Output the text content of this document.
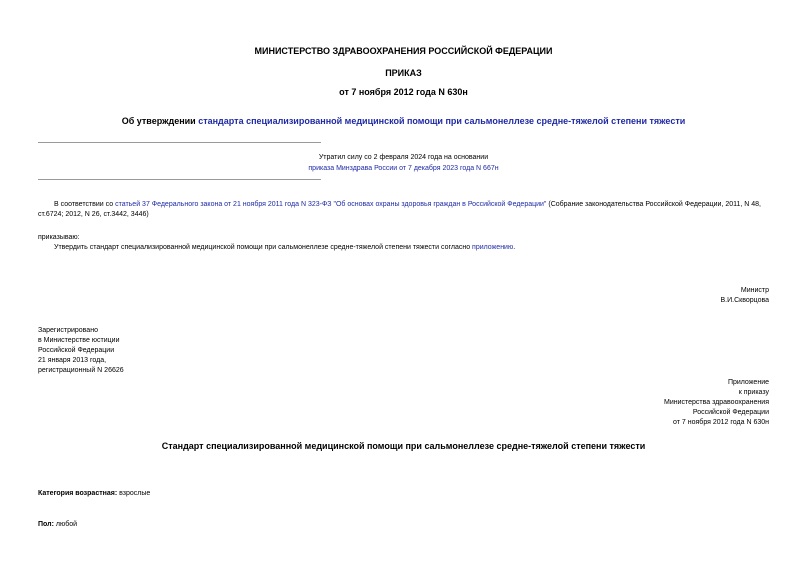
МИНИСТЕРСТВО ЗДРАВООХРАНЕНИЯ РОССИЙСКОЙ ФЕДЕРАЦИИ
ПРИКАЗ
от 7 ноября 2012 года N 630н
Об утверждении стандарта специализированной медицинской помощи при сальмонеллезе средне-тяжелой степени тяжести
Утратил силу со 2 февраля 2024 года на основании
приказа Минздрава России от 7 декабря 2023 года N 667н
В соответствии со статьей 37 Федерального закона от 21 ноября 2011 года N 323-ФЗ "Об основах охраны здоровья граждан в Российской Федерации" (Собрание законодательства Российской Федерации, 2011, N 48, ст.6724; 2012, N 26, ст.3442, 3446)
приказываю:
Утвердить стандарт специализированной медицинской помощи при сальмонеллезе средне-тяжелой степени тяжести согласно приложению.
Министр
В.И.Скворцова

Зарегистрировано

в Министерстве юстиции

Российской Федерации

21 января 2013 года,

регистрационный N 26626

Приложение

к приказу

Министерства здравоохранения

Российской Федерации

от 7 ноября 2012 года N 630н

Стандарт специализированной медицинской помощи при сальмонеллезе средне-тяжелой степени тяжести
Категория возрастная: взрослые
Пол: любой
